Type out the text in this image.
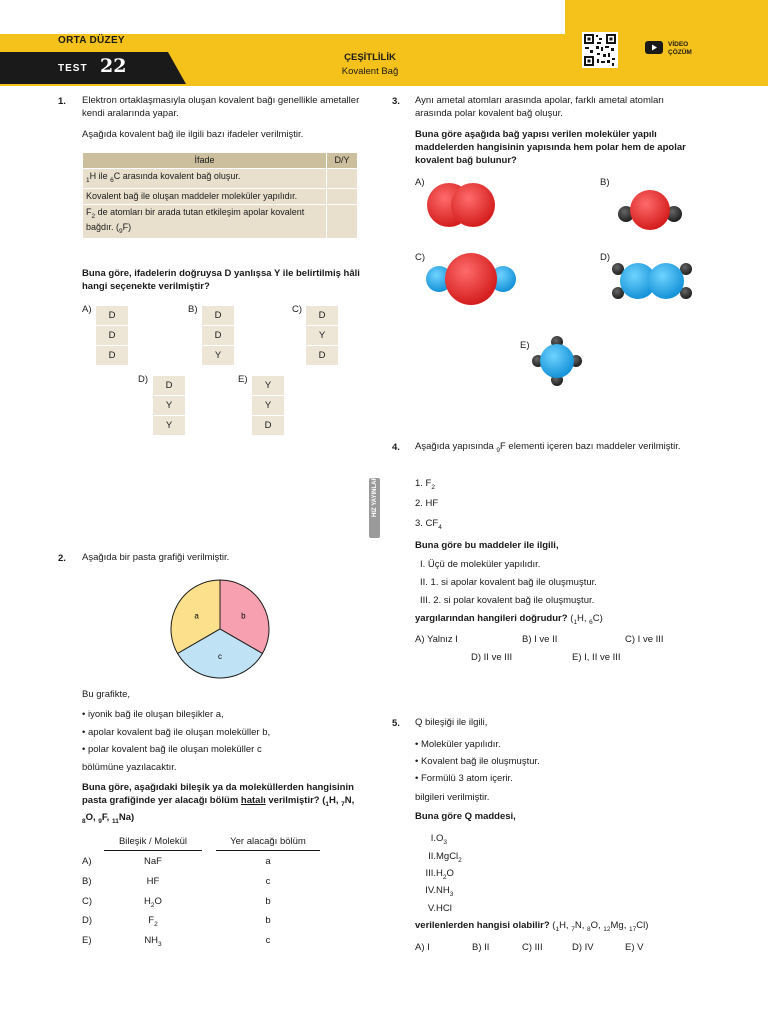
ORTA DÜZEY
TEST 22	ÇEŞİTLİLİK
Kovalent Bağ
VİDEO
ÇÖZÜM
HIZ YAYINLARI
1. Elektron ortaklaşmasıyla oluşan kovalent bağı genellikle ametaller kendi aralarında yapar.
Aşağıda kovalent bağ ile ilgili bazı ifadeler verilmiştir.
İfade	D/Y
$_1$H ile $_6$C arasında kovalent bağ oluşur.	
Kovalent bağ ile oluşan maddeler moleküler yapılıdır.	
$F_2$ de atomları bir arada tutan etkileşim apolar kovalent bağdır. $(_9F)$	
Buna göre, ifadelerin doğruysa D yanlışsa Y ile belirtilmiş hâli hangi seçenekte verilmiştir?
A)
D
D
D
B)
D
D
Y
C)
D
Y
D
D)
D
Y
Y
E)
Y
Y
D
2. Aşağıda bir pasta grafiği verilmiştir.
a	b
c
Bu grafikte,
• iyonik bağ ile oluşan bileşikler a,
• apolar kovalent bağ ile oluşan moleküller b,
• polar kovalent bağ ile oluşan moleküller c
bölümüne yazılacaktır.
Buna göre, aşağıdaki bileşik ya da moleküllerden hangisinin pasta grafiğinde yer alacağı bölüm hatalı verilmiştir? ($_1H$, $_7$N, $_8$O, $_9$F, $_{11}$Na)
Bileşik / Molekül	Yer alacağı bölüm
A)	NaF	a
B)	HF	c
C)	$H_2O$	b
D)	$F_2$	b
E)	$NH_3$	c
3. Aynı ametal atomları arasında apolar, farklı ametal atomları arasında polar kovalent bağ oluşur.
Buna göre aşağıda bağ yapısı verilen moleküler yapılı maddelerden hangisinin yapısında hem polar hem de apolar kovalent bağ bulunur?
A)	B)
C)	D)
E)
4. Aşağıda yapısında $_9$F elementi içeren bazı maddeler verilmiştir.
1. $F_2$
2. HF
3. $CF_4$
Buna göre bu maddeler ile ilgili,
I. Üçü de moleküler yapılıdır.
II. 1. si apolar kovalent bağ ile oluşmuştur.
III. 2. si polar kovalent bağ ile oluşmuştur.
yargılarından hangileri doğrudur? ($_1H$, $_6$C)
A) Yalnız I	B) I ve II	C) I ve III
D) II ve III	E) I, II ve III
5. Q bileşiği ile ilgili,
• Moleküler yapılıdır.
• Kovalent bağ ile oluşmuştur.
• Formülü 3 atom içerir.
bilgileri verilmiştir.
Buna göre Q maddesi,
I. $O_3$
II. MgCl$_2$
III. $H_2O$
IV. $NH_3$
V. HCl
verilenlerden hangisi olabilir? ($_1H$, $_7$N, $_8$O, $_{12}$Mg, $_{17}$Cl)
A) I	B) II	C) III	D) IV	E) V
